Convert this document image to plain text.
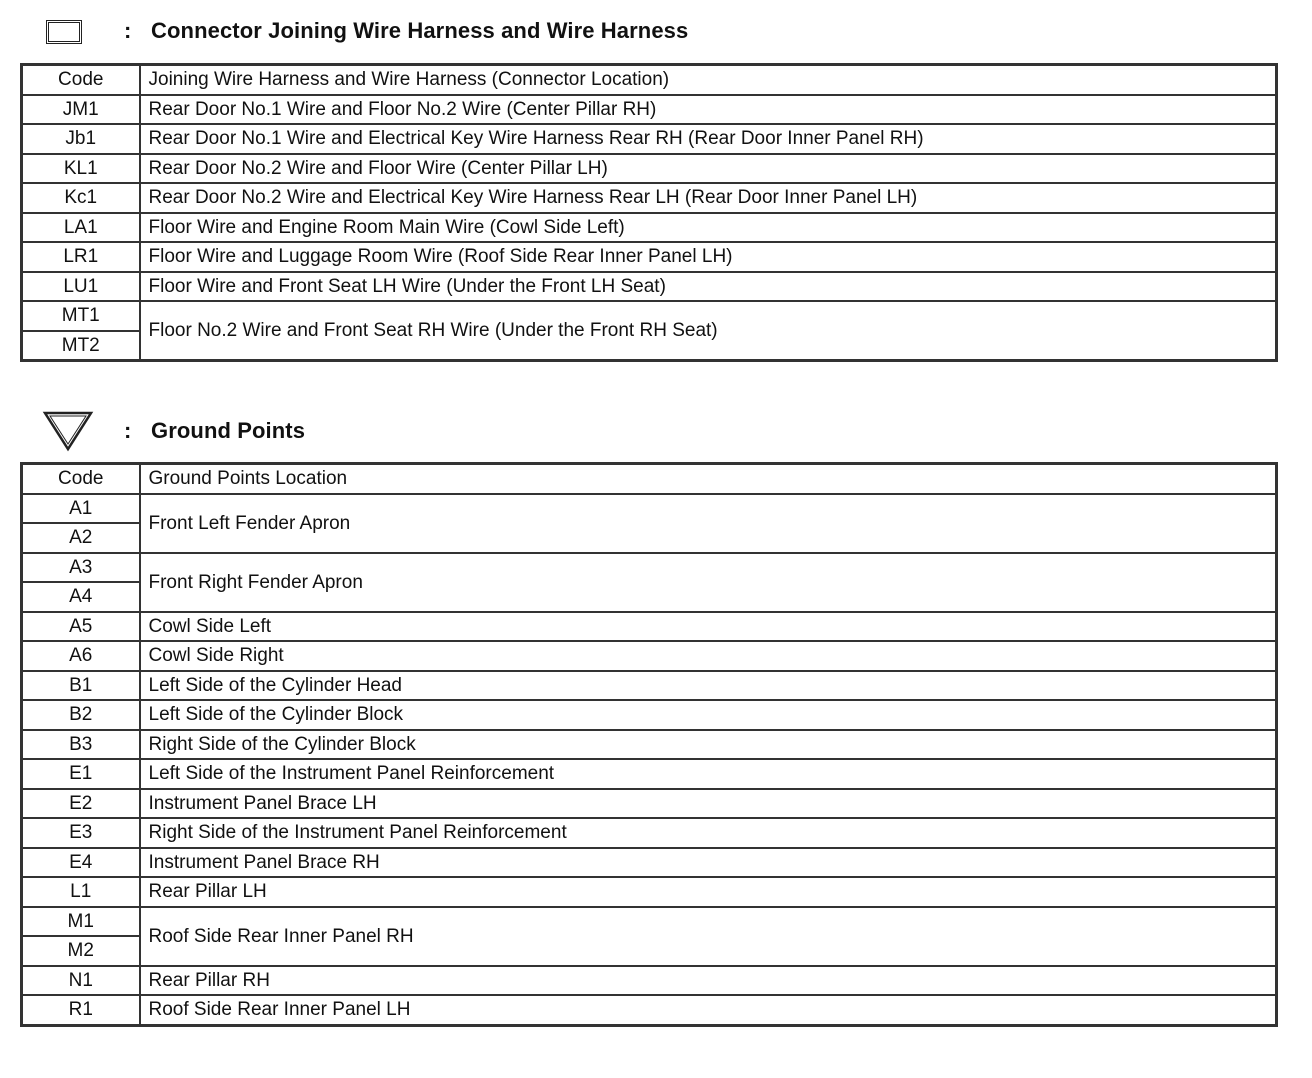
: Connector Joining Wire Harness and Wire Harness
Code	Joining Wire Harness and Wire Harness (Connector Location)
JM1	Rear Door No.1 Wire and Floor No.2 Wire (Center Pillar RH)
Jb1	Rear Door No.1 Wire and Electrical Key Wire Harness Rear RH (Rear Door Inner Panel RH)
KL1	Rear Door No.2 Wire and Floor Wire (Center Pillar LH)
Kc1	Rear Door No.2 Wire and Electrical Key Wire Harness Rear LH (Rear Door Inner Panel LH)
LA1	Floor Wire and Engine Room Main Wire (Cowl Side Left)
LR1	Floor Wire and Luggage Room Wire (Roof Side Rear Inner Panel LH)
LU1	Floor Wire and Front Seat LH Wire (Under the Front LH Seat)
MT1	Floor No.2 Wire and Front Seat RH Wire (Under the Front RH Seat)
MT2	
: Ground Points
Code	Ground Points Location
A1	Front Left Fender Apron
A2	
A3	Front Right Fender Apron
A4	
A5	Cowl Side Left
A6	Cowl Side Right
B1	Left Side of the Cylinder Head
B2	Left Side of the Cylinder Block
B3	Right Side of the Cylinder Block
E1	Left Side of the Instrument Panel Reinforcement
E2	Instrument Panel Brace LH
E3	Right Side of the Instrument Panel Reinforcement
E4	Instrument Panel Brace RH
L1	Rear Pillar LH
M1	Roof Side Rear Inner Panel RH
M2	
N1	Rear Pillar RH
R1	Roof Side Rear Inner Panel LH
